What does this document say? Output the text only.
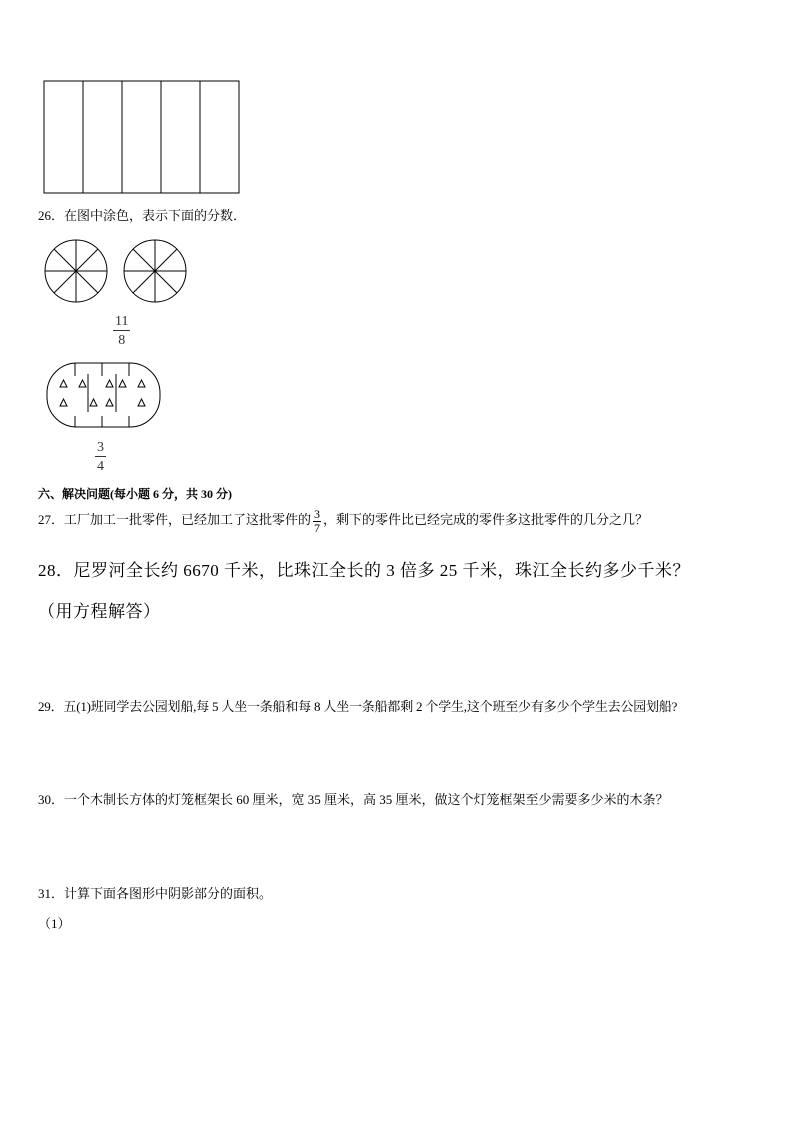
26．在图中涂色，表示下面的分数．
$\frac{11}{8}$
$\frac{3}{4}$
六、解决问题(每小题 6 分，共 30 分)
27．工厂加工一批零件，已经加工了这批零件的 $\frac{3}{7}$ ，剩下的零件比已经完成的零件多这批零件的几分之几？
28．尼罗河全长约 6670 千米，比珠江全长的 3 倍多 25 千米，珠江全长约多少千米？
（用方程解答）
29．五(1)班同学去公园划船,每 5 人坐一条船和每 8 人坐一条船都剩 2 个学生,这个班至少有多少个学生去公园划船?
30．一个木制长方体的灯笼框架长 60 厘米，宽 35 厘米，高 35 厘米，做这个灯笼框架至少需要多少米的木条？
31．计算下面各图形中阴影部分的面积。
（1）
